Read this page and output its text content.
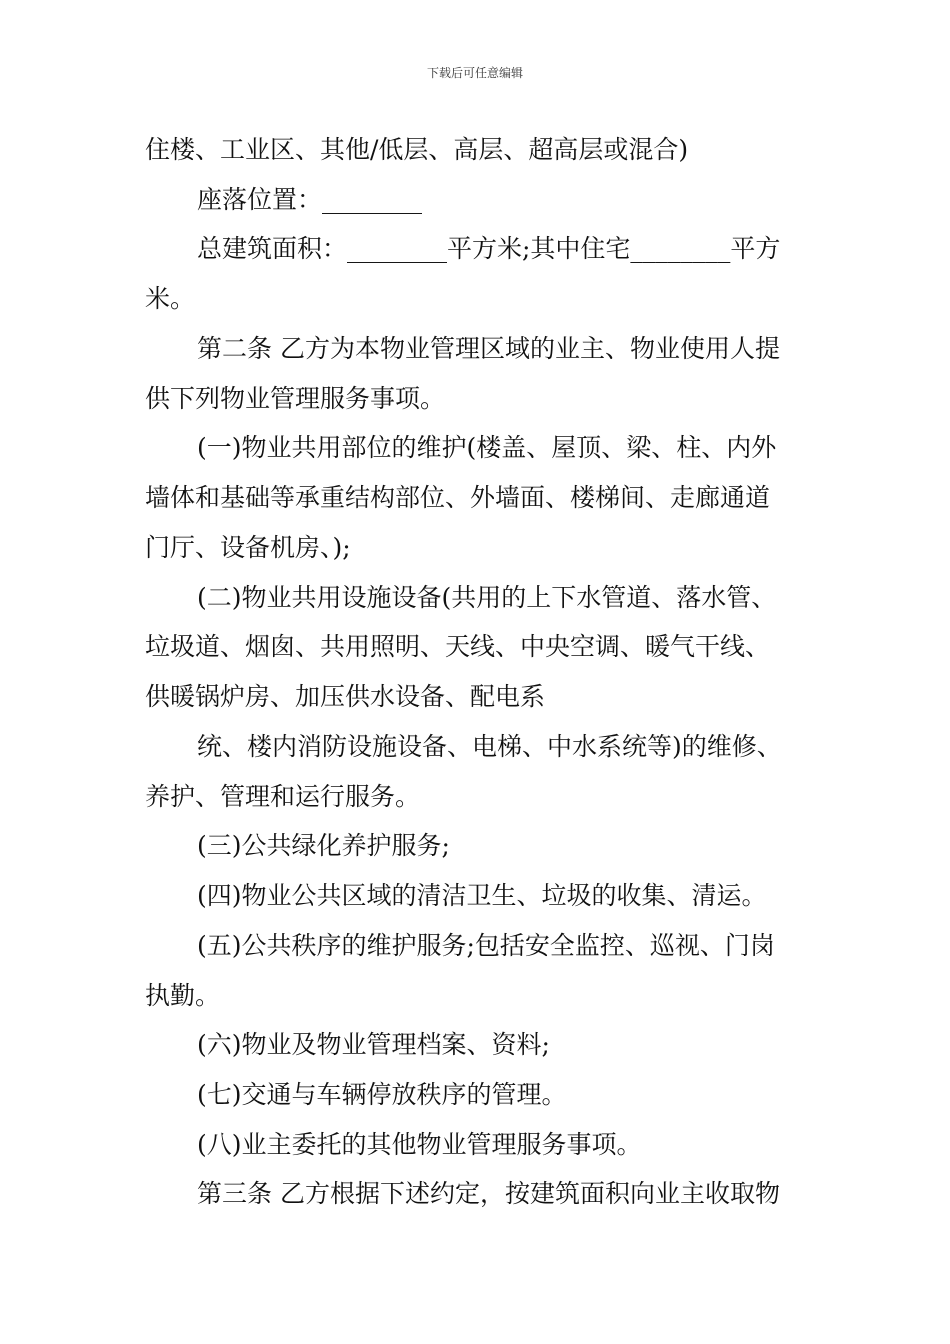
下载后可任意编辑
住楼、工业区、其他/低层、高层、超高层或混合)
座落位置：________
总建筑面积：________平方米;其中住宅________平方
米。
第二条 乙方为本物业管理区域的业主、物业使用人提
供下列物业管理服务事项。
(一)物业共用部位的维护(楼盖、屋顶、梁、柱、内外
墙体和基础等承重结构部位、外墙面、楼梯间、走廊通道
门厅、设备机房、);
(二)物业共用设施设备(共用的上下水管道、落水管、
垃圾道、烟囱、共用照明、天线、中央空调、暖气干线、
供暖锅炉房、加压供水设备、配电系
统、楼内消防设施设备、电梯、中水系统等)的维修、
养护、管理和运行服务。
(三)公共绿化养护服务;
(四)物业公共区域的清洁卫生、垃圾的收集、清运。
(五)公共秩序的维护服务;包括安全监控、巡视、门岗
执勤。
(六)物业及物业管理档案、资料;
(七)交通与车辆停放秩序的管理。
(八)业主委托的其他物业管理服务事项。
第三条 乙方根据下述约定，按建筑面积向业主收取物
